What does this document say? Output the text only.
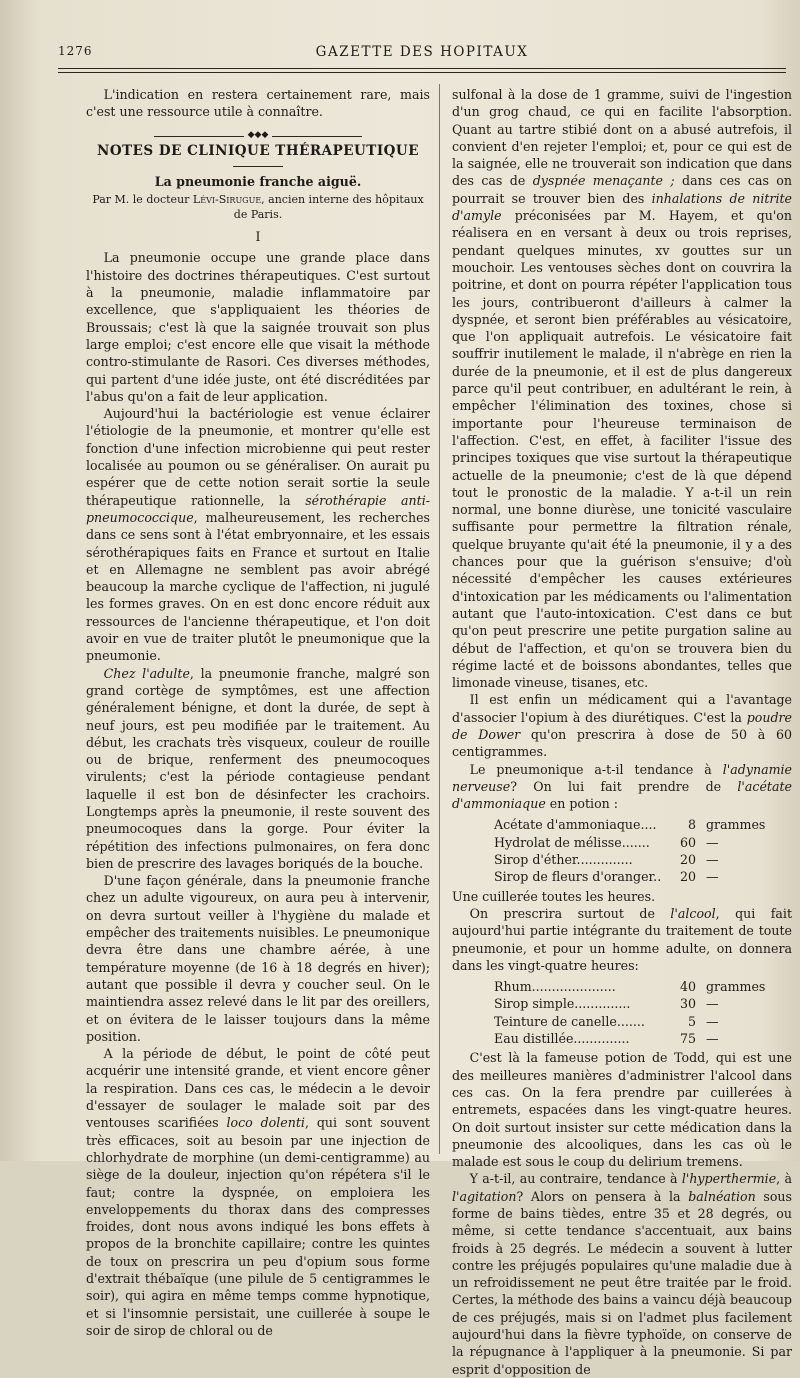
1276	GAZETTE DES HOPITAUX

L'indication en restera certainement rare, mais c'est une ressource utile à connaître.

◆◆◆

NOTES DE CLINIQUE THÉRAPEUTIQUE

La pneumonie franche aiguë.

Par M. le docteur Lévi-Sirugue, ancien interne des hôpitaux de Paris.

I

La pneumonie occupe une grande place dans l'histoire des doctrines thérapeutiques. C'est surtout à la pneumonie, maladie inflammatoire par excellence, que s'appliquaient les théories de Broussais; c'est là que la saignée trouvait son plus large emploi; c'est encore elle que visait la méthode contro-stimulante de Rasori. Ces diverses méthodes, qui partent d'une idée juste, ont été discréditées par l'abus qu'on a fait de leur application.

Aujourd'hui la bactériologie est venue éclairer l'étiologie de la pneumonie, et montrer qu'elle est fonction d'une infection microbienne qui peut rester localisée au poumon ou se généraliser. On aurait pu espérer que de cette notion serait sortie la seule thérapeutique rationnelle, la sérothérapie anti-pneumococcique, malheureusement, les recherches dans ce sens sont à l'état embryonnaire, et les essais sérothérapiques faits en France et surtout en Italie et en Allemagne ne semblent pas avoir abrégé beaucoup la marche cyclique de l'affection, ni jugulé les formes graves. On en est donc encore réduit aux ressources de l'ancienne thérapeutique, et l'on doit avoir en vue de traiter plutôt le pneumonique que la pneumonie.

Chez l'adulte, la pneumonie franche, malgré son grand cortège de symptômes, est une affection généralement bénigne, et dont la durée, de sept à neuf jours, est peu modifiée par le traitement. Au début, les crachats très visqueux, couleur de rouille ou de brique, renferment des pneumocoques virulents; c'est la période contagieuse pendant laquelle il est bon de désinfecter les crachoirs. Longtemps après la pneumonie, il reste souvent des pneumocoques dans la gorge. Pour éviter la répétition des infections pulmonaires, on fera donc bien de prescrire des lavages boriqués de la bouche.

D'une façon générale, dans la pneumonie franche chez un adulte vigoureux, on aura peu à intervenir, on devra surtout veiller à l'hygiène du malade et empêcher des traitements nuisibles. Le pneumonique devra être dans une chambre aérée, à une température moyenne (de 16 à 18 degrés en hiver); autant que possible il devra y coucher seul. On le maintiendra assez relevé dans le lit par des oreillers, et on évitera de le laisser toujours dans la même position.

A la période de début, le point de côté peut acquérir une intensité grande, et vient encore gêner la respiration. Dans ces cas, le médecin a le devoir d'essayer de soulager le malade soit par des ventouses scarifiées loco dolenti, qui sont souvent très efficaces, soit au besoin par une injection de chlorhydrate de morphine (un demi-centigramme) au siège de la douleur, injection qu'on répétera s'il le faut; contre la dyspnée, on emploiera les enveloppements du thorax dans des compresses froides, dont nous avons indiqué les bons effets à propos de la bronchite capillaire; contre les quintes de toux on prescrira un peu d'opium sous forme d'extrait thébaïque (une pilule de 5 centigrammes le soir), qui agira en même temps comme hypnotique, et si l'insomnie persistait, une cuillerée à soupe le soir de sirop de chloral ou de

sulfonal à la dose de 1 gramme, suivi de l'ingestion d'un grog chaud, ce qui en facilite l'absorption. Quant au tartre stibié dont on a abusé autrefois, il convient d'en rejeter l'emploi; et, pour ce qui est de la saignée, elle ne trouverait son indication que dans des cas de dyspnée menaçante ; dans ces cas on pourrait se trouver bien des inhalations de nitrite d'amyle préconisées par M. Hayem, et qu'on réalisera en en versant à deux ou trois reprises, pendant quelques minutes, xv gouttes sur un mouchoir. Les ventouses sèches dont on couvrira la poitrine, et dont on pourra répéter l'application tous les jours, contribueront d'ailleurs à calmer la dyspnée, et seront bien préférables au vésicatoire, que l'on appliquait autrefois. Le vésicatoire fait souffrir inutilement le malade, il n'abrège en rien la durée de la pneumonie, et il est de plus dangereux parce qu'il peut contribuer, en adultérant le rein, à empêcher l'élimination des toxines, chose si importante pour l'heureuse terminaison de l'affection. C'est, en effet, à faciliter l'issue des principes toxiques que vise surtout la thérapeutique actuelle de la pneumonie; c'est de là que dépend tout le pronostic de la maladie. Y a-t-il un rein normal, une bonne diurèse, une tonicité vasculaire suffisante pour permettre la filtration rénale, quelque bruyante qu'ait été la pneumonie, il y a des chances pour que la guérison s'ensuive; d'où nécessité d'empêcher les causes extérieures d'intoxication par les médicaments ou l'alimentation autant que l'auto-intoxication. C'est dans ce but qu'on peut prescrire une petite purgation saline au début de l'affection, et qu'on se trouvera bien du régime lacté et de boissons abondantes, telles que limonade vineuse, tisanes, etc.

Il est enfin un médicament qui a l'avantage d'associer l'opium à des diurétiques. C'est la poudre de Dower qu'on prescrira à dose de 50 à 60 centigrammes.

Le pneumonique a-t-il tendance à l'adynamie nerveuse? On lui fait prendre de l'acétate d'ammoniaque en potion :

Acétate d'ammoniaque....	8 grammes
Hydrolat de mélisse.......	60 —
Sirop d'éther..............	20 —
Sirop de fleurs d'oranger..	20 —

Une cuillerée toutes les heures.

On prescrira surtout de l'alcool, qui fait aujourd'hui partie intégrante du traitement de toute pneumonie, et pour un homme adulte, on donnera dans les vingt-quatre heures:

Rhum.....................	40 grammes
Sirop simple..............	30 —
Teinture de canelle.......	5 —
Eau distillée..............	75 —

C'est là la fameuse potion de Todd, qui est une des meilleures manières d'administrer l'alcool dans ces cas. On la fera prendre par cuillerées à entremets, espacées dans les vingt-quatre heures. On doit surtout insister sur cette médication dans la pneumonie des alcooliques, dans les cas où le malade est sous le coup du delirium tremens.

Y a-t-il, au contraire, tendance à l'hyperthermie, à l'agitation? Alors on pensera à la balnéation sous forme de bains tièdes, entre 35 et 28 degrés, ou même, si cette tendance s'accentuait, aux bains froids à 25 degrés. Le médecin a souvent à lutter contre les préjugés populaires qu'une maladie due à un refroidissement ne peut être traitée par le froid. Certes, la méthode des bains a vaincu déjà beaucoup de ces préjugés, mais si on l'admet plus facilement aujourd'hui dans la fièvre typhoïde, on conserve de la répugnance à l'appliquer à la pneumonie. Si par esprit d'opposition de
